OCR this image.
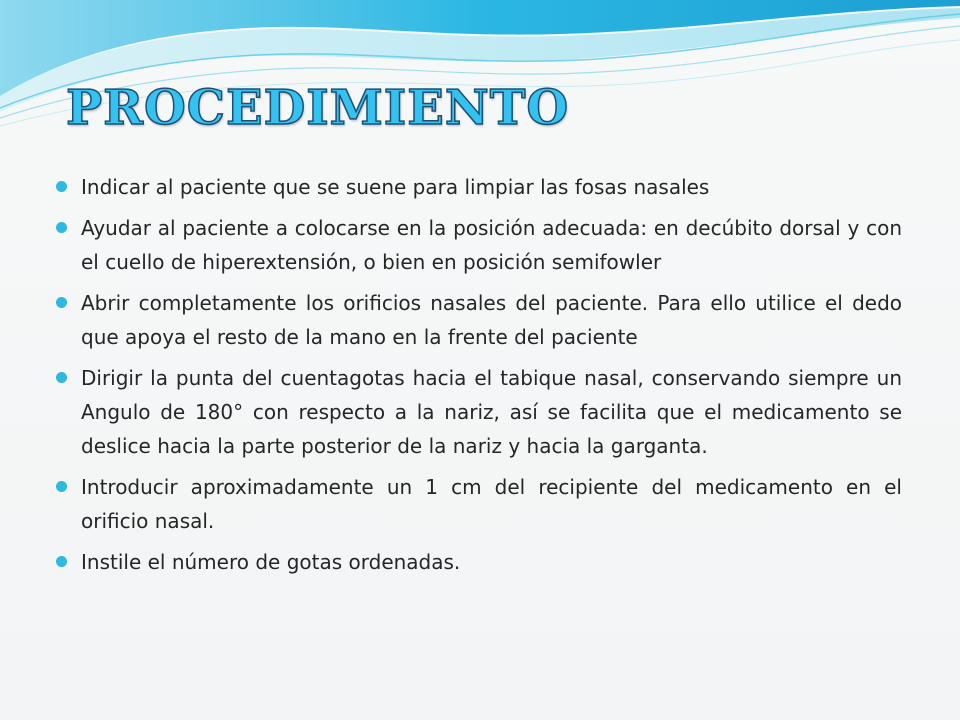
PROCEDIMIENTO
Indicar al paciente que se suene para limpiar las fosas nasales
Ayudar al paciente a colocarse en la posición adecuada: en decúbito dorsal y con el cuello de hiperextensión, o bien en posición semifowler
Abrir completamente los orificios nasales del paciente. Para ello utilice el dedo que apoya el resto de la mano en la frente del paciente
Dirigir la punta del cuentagotas hacia el tabique nasal, conservando siempre un Angulo de 180° con respecto a la nariz, así se facilita que el medicamento se deslice hacia la parte posterior de la nariz y hacia la garganta.
Introducir aproximadamente un 1 cm del recipiente del medicamento en el orificio nasal.
Instile el número de gotas ordenadas.
